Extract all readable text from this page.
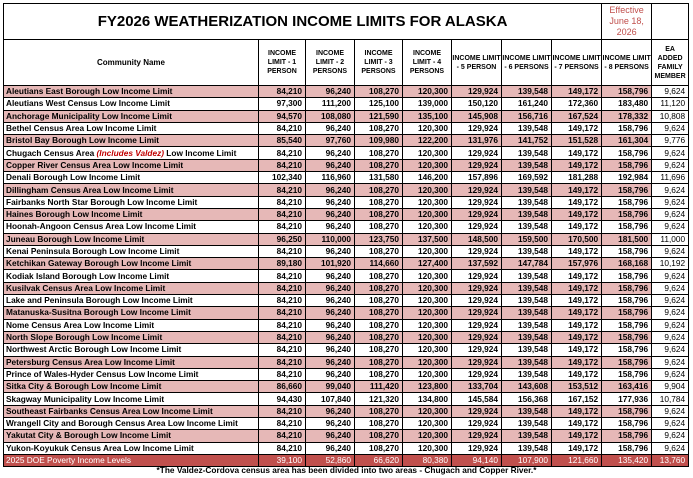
FY2026 WEATHERIZATION INCOME LIMITS FOR ALASKA								Effective
June 18,
2026	

Community Name	INCOME LIMIT - 1 PERSON	INCOME LIMIT - 2 PERSONS	INCOME LIMIT - 3 PERSONS	INCOME LIMIT - 4 PERSONS	INCOME LIMIT - 5 PERSON	INCOME LIMIT - 6 PERSONS	INCOME LIMIT - 7 PERSONS	INCOME LIMIT - 8 PERSONS	EA ADDED FAMILY MEMBER
Aleutians East Borough Low Income Limit	84,210	96,240	108,270	120,300	129,924	139,548	149,172	158,796	9,624
Aleutians West Census Low Income Limit	97,300	111,200	125,100	139,000	150,120	161,240	172,360	183,480	11,120
Anchorage Municipality Low Income Limit	94,570	108,080	121,590	135,100	145,908	156,716	167,524	178,332	10,808
Bethel Census Area Low Income Limit	84,210	96,240	108,270	120,300	129,924	139,548	149,172	158,796	9,624
Bristol Bay Borough Low Income Limit	85,540	97,760	109,980	122,200	131,976	141,752	151,528	161,304	9,776
Chugach Census Area (Includes Valdez) Low Income Limit	84,210	96,240	108,270	120,300	129,924	139,548	149,172	158,796	9,624
Copper River Census Area Low Income Limit	84,210	96,240	108,270	120,300	129,924	139,548	149,172	158,796	9,624
Denali Borough Low Income Limit	102,340	116,960	131,580	146,200	157,896	169,592	181,288	192,984	11,696
Dillingham Census Area Low Income Limit	84,210	96,240	108,270	120,300	129,924	139,548	149,172	158,796	9,624
Fairbanks North Star Borough Low Income Limit	84,210	96,240	108,270	120,300	129,924	139,548	149,172	158,796	9,624
Haines Borough Low Income Limit	84,210	96,240	108,270	120,300	129,924	139,548	149,172	158,796	9,624
Hoonah-Angoon Census Area Low Income Limit	84,210	96,240	108,270	120,300	129,924	139,548	149,172	158,796	9,624
Juneau Borough Low Income Limit	96,250	110,000	123,750	137,500	148,500	159,500	170,500	181,500	11,000
Kenai Peninsula Borough Low Income Limit	84,210	96,240	108,270	120,300	129,924	139,548	149,172	158,796	9,624
Ketchikan Gateway Borough Low Income Limit	89,180	101,920	114,660	127,400	137,592	147,784	157,976	168,168	10,192
Kodiak Island Borough Low Income Limit	84,210	96,240	108,270	120,300	129,924	139,548	149,172	158,796	9,624
Kusilvak Census Area Low Income Limit	84,210	96,240	108,270	120,300	129,924	139,548	149,172	158,796	9,624
Lake and Peninsula Borough Low Income Limit	84,210	96,240	108,270	120,300	129,924	139,548	149,172	158,796	9,624
Matanuska-Susitna Borough Low Income Limit	84,210	96,240	108,270	120,300	129,924	139,548	149,172	158,796	9,624
Nome Census Area Low Income Limit	84,210	96,240	108,270	120,300	129,924	139,548	149,172	158,796	9,624
North Slope Borough Low Income Limit	84,210	96,240	108,270	120,300	129,924	139,548	149,172	158,796	9,624
Northwest Arctic Borough Low Income Limit	84,210	96,240	108,270	120,300	129,924	139,548	149,172	158,796	9,624
Petersburg Census Area Low Income Limit	84,210	96,240	108,270	120,300	129,924	139,548	149,172	158,796	9,624
Prince of Wales-Hyder Census Low Income Limit	84,210	96,240	108,270	120,300	129,924	139,548	149,172	158,796	9,624
Sitka City & Borough Low Income Limit	86,660	99,040	111,420	123,800	133,704	143,608	153,512	163,416	9,904
Skagway Municipality Low Income Limit	94,430	107,840	121,320	134,800	145,584	156,368	167,152	177,936	10,784
Southeast Fairbanks Census Area Low Income Limit	84,210	96,240	108,270	120,300	129,924	139,548	149,172	158,796	9,624
Wrangell City and Borough Census Area Low Income Limit	84,210	96,240	108,270	120,300	129,924	139,548	149,172	158,796	9,624
Yakutat City & Borough Low Income Limit	84,210	96,240	108,270	120,300	129,924	139,548	149,172	158,796	9,624
Yukon-Koyukuk Census Area Low Income Limit	84,210	96,240	108,270	120,300	129,924	139,548	149,172	158,796	9,624
2025 DOE Poverty Income Levels	39,100	52,860	66,620	80,380	94,140	107,900	121,660	135,420	13,760
*The Valdez-Cordova census area has been divided into two areas - Chugach and Copper River.*
